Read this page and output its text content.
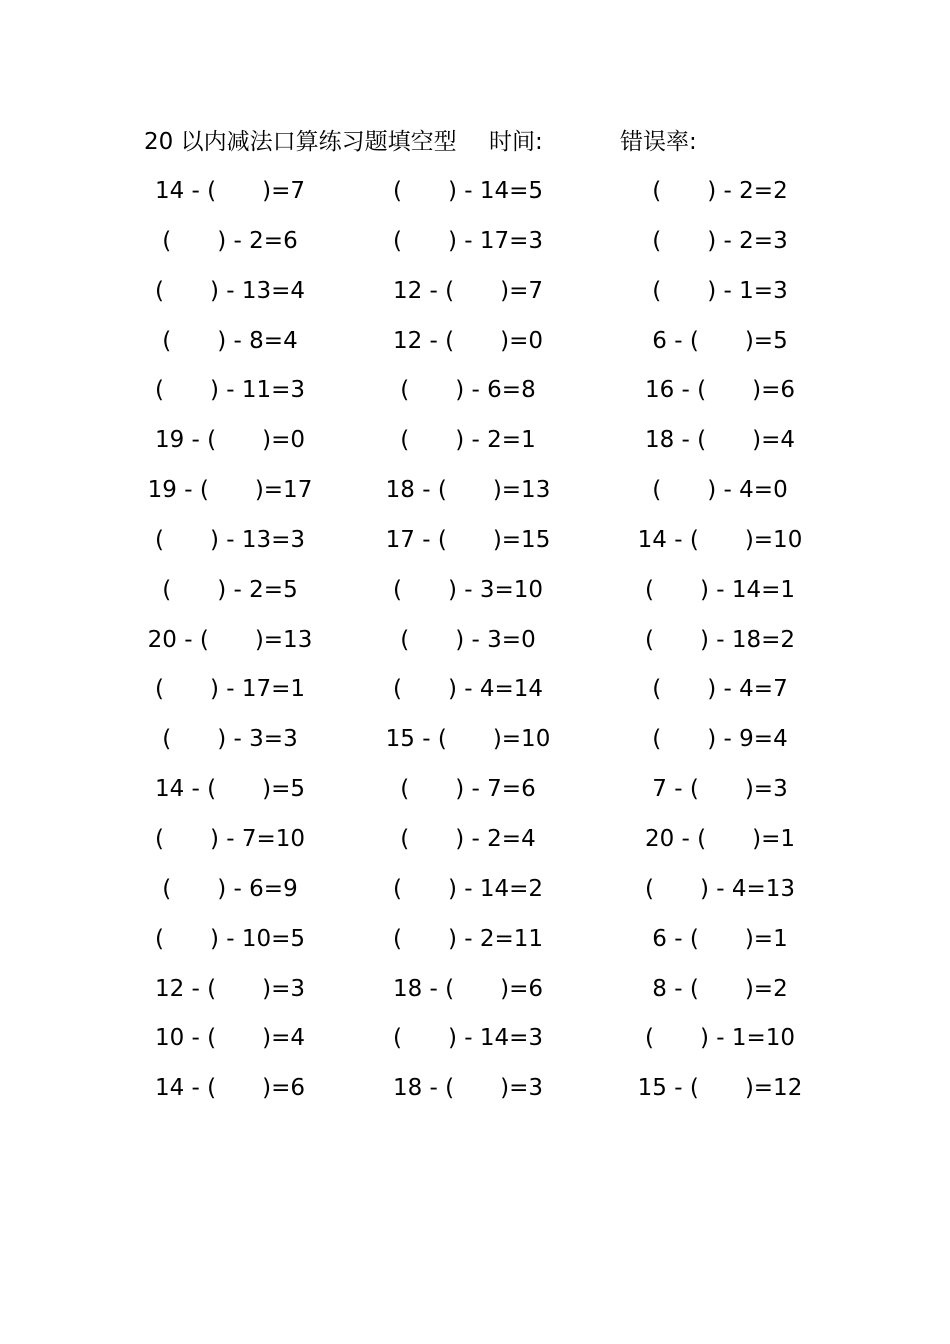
20 以内减法口算练习题填空型 时间:	错误率:
14 - (　　)=7	(　　) - 14=5	(　　) - 2=2
(　　) - 2=6	(　　) - 17=3	(　　) - 2=3
(　　) - 13=4	12 - (　　)=7	(　　) - 1=3
(　　) - 8=4	12 - (　　)=0	6 - (　　)=5
(　　) - 11=3	(　　) - 6=8	16 - (　　)=6
19 - (　　)=0	(　　) - 2=1	18 - (　　)=4
19 - (　　)=17	18 - (　　)=13	(　　) - 4=0
(　　) - 13=3	17 - (　　)=15	14 - (　　)=10
(　　) - 2=5	(　　) - 3=10	(　　) - 14=1
20 - (　　)=13	(　　) - 3=0	(　　) - 18=2
(　　) - 17=1	(　　) - 4=14	(　　) - 4=7
(　　) - 3=3	15 - (　　)=10	(　　) - 9=4
14 - (　　)=5	(　　) - 7=6	7 - (　　)=3
(　　) - 7=10	(　　) - 2=4	20 - (　　)=1
(　　) - 6=9	(　　) - 14=2	(　　) - 4=13
(　　) - 10=5	(　　) - 2=11	6 - (　　)=1
12 - (　　)=3	18 - (　　)=6	8 - (　　)=2
10 - (　　)=4	(　　) - 14=3	(　　) - 1=10
14 - (　　)=6	18 - (　　)=3	15 - (　　)=12
